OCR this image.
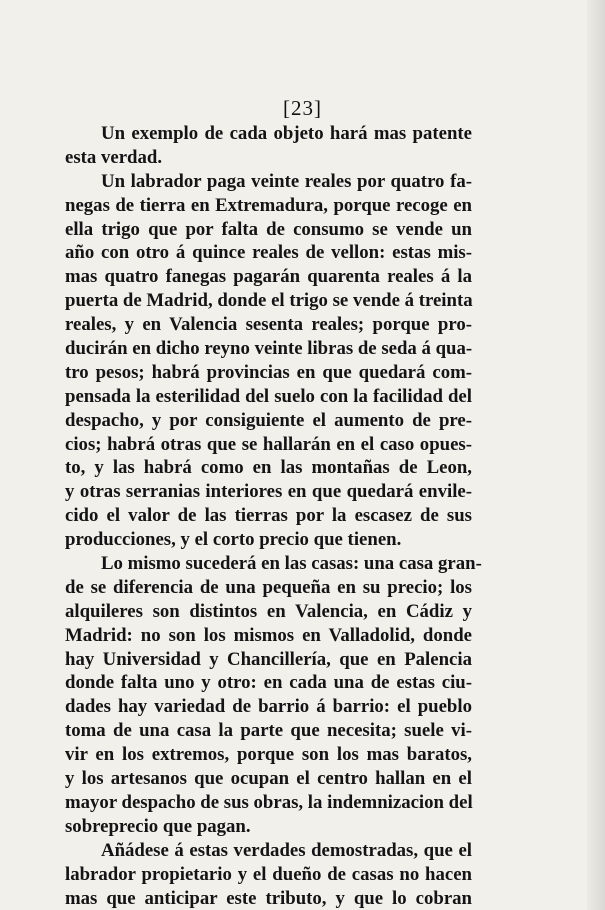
[23]
Un exemplo de cada objeto hará mas patente
esta verdad.
Un labrador paga veinte reales por quatro fa-
negas de tierra en Extremadura, porque recoge en
ella trigo que por falta de consumo se vende un
año con otro á quince reales de vellon: estas mis-
mas quatro fanegas pagarán quarenta reales á la
puerta de Madrid, donde el trigo se vende á treinta
reales, y en Valencia sesenta reales; porque pro-
ducirán en dicho reyno veinte libras de seda á qua-
tro pesos; habrá provincias en que quedará com-
pensada la esterilidad del suelo con la facilidad del
despacho, y por consiguiente el aumento de pre-
cios; habrá otras que se hallarán en el caso opues-
to, y las habrá como en las montañas de Leon,
y otras serranias interiores en que quedará envile-
cido el valor de las tierras por la escasez de sus
producciones, y el corto precio que tienen.
Lo mismo sucederá en las casas: una casa gran-
de se diferencia de una pequeña en su precio; los
alquileres son distintos en Valencia, en Cádiz y
Madrid: no son los mismos en Valladolid, donde
hay Universidad y Chancillería, que en Palencia
donde falta uno y otro: en cada una de estas ciu-
dades hay variedad de barrio á barrio: el pueblo
toma de una casa la parte que necesita; suele vi-
vir en los extremos, porque son los mas baratos,
y los artesanos que ocupan el centro hallan en el
mayor despacho de sus obras, la indemnizacion del
sobreprecio que pagan.
Añádese á estas verdades demostradas, que el
labrador propietario y el dueño de casas no hacen
mas que anticipar este tributo, y que lo cobran
